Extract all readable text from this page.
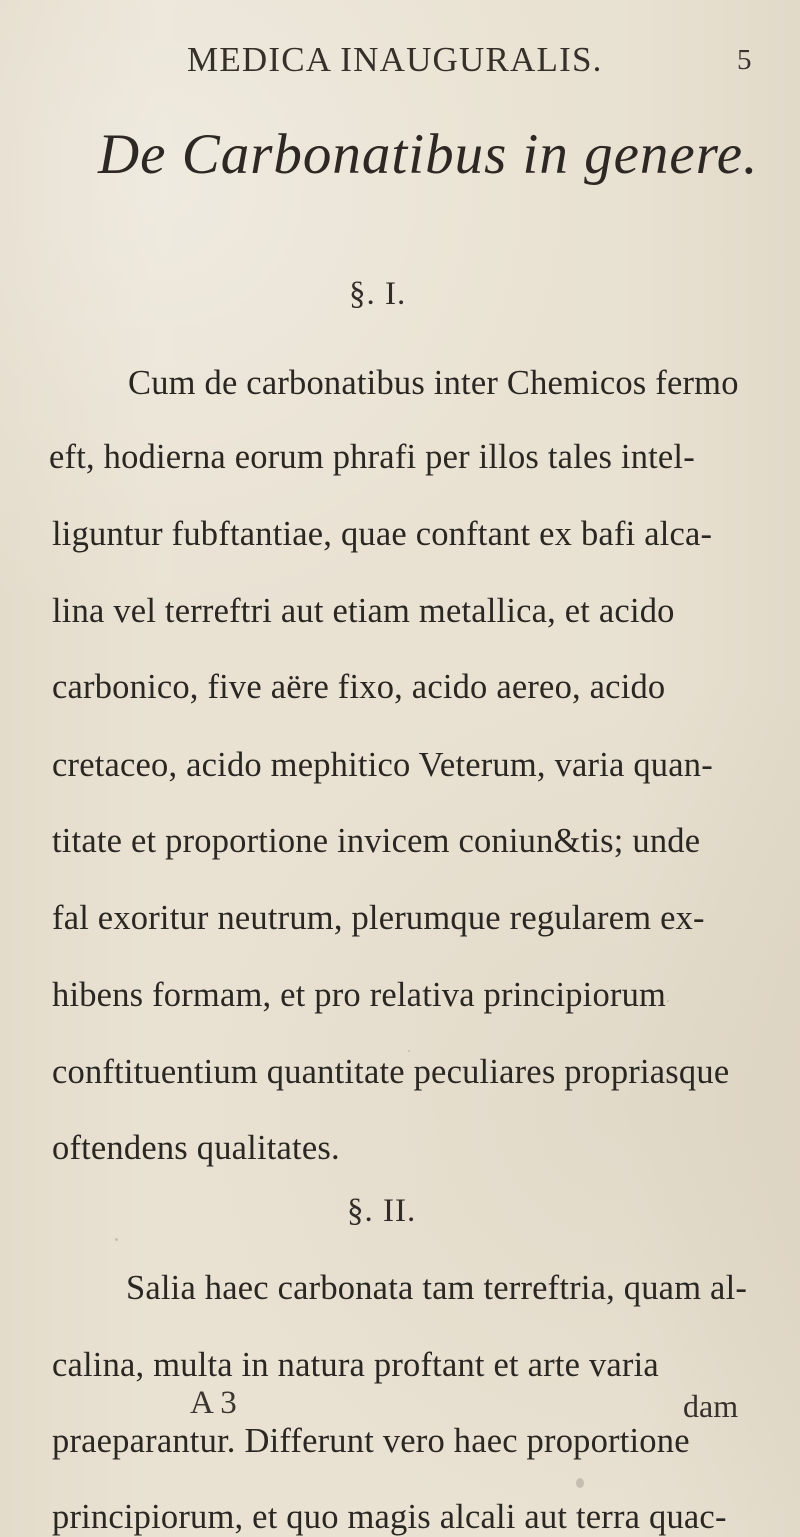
MEDICA INAUGURALIS.	5
De Carbonatibus in genere.
§. I.
Cum de carbonatibus inter Chemicos fermo
eft, hodierna eorum phrafi per illos tales intel-
liguntur fubftantiae, quae conftant ex bafi alca-
lina vel terreftri aut etiam metallica, et acido
carbonico, five aëre fixo, acido aereo, acido
cretaceo, acido mephitico Veterum, varia quan-
titate et proportione invicem coniun&tis; unde
fal exoritur neutrum, plerumque regularem ex-
hibens formam, et pro relativa principiorum
conftituentium quantitate peculiares propriasque
oftendens qualitates.
§. II.
Salia haec carbonata tam terreftria, quam al-
calina, multa in natura proftant et arte varia
praeparantur. Differunt vero haec proportione
principiorum, et quo magis alcali aut terra quac-
A 3	dam
